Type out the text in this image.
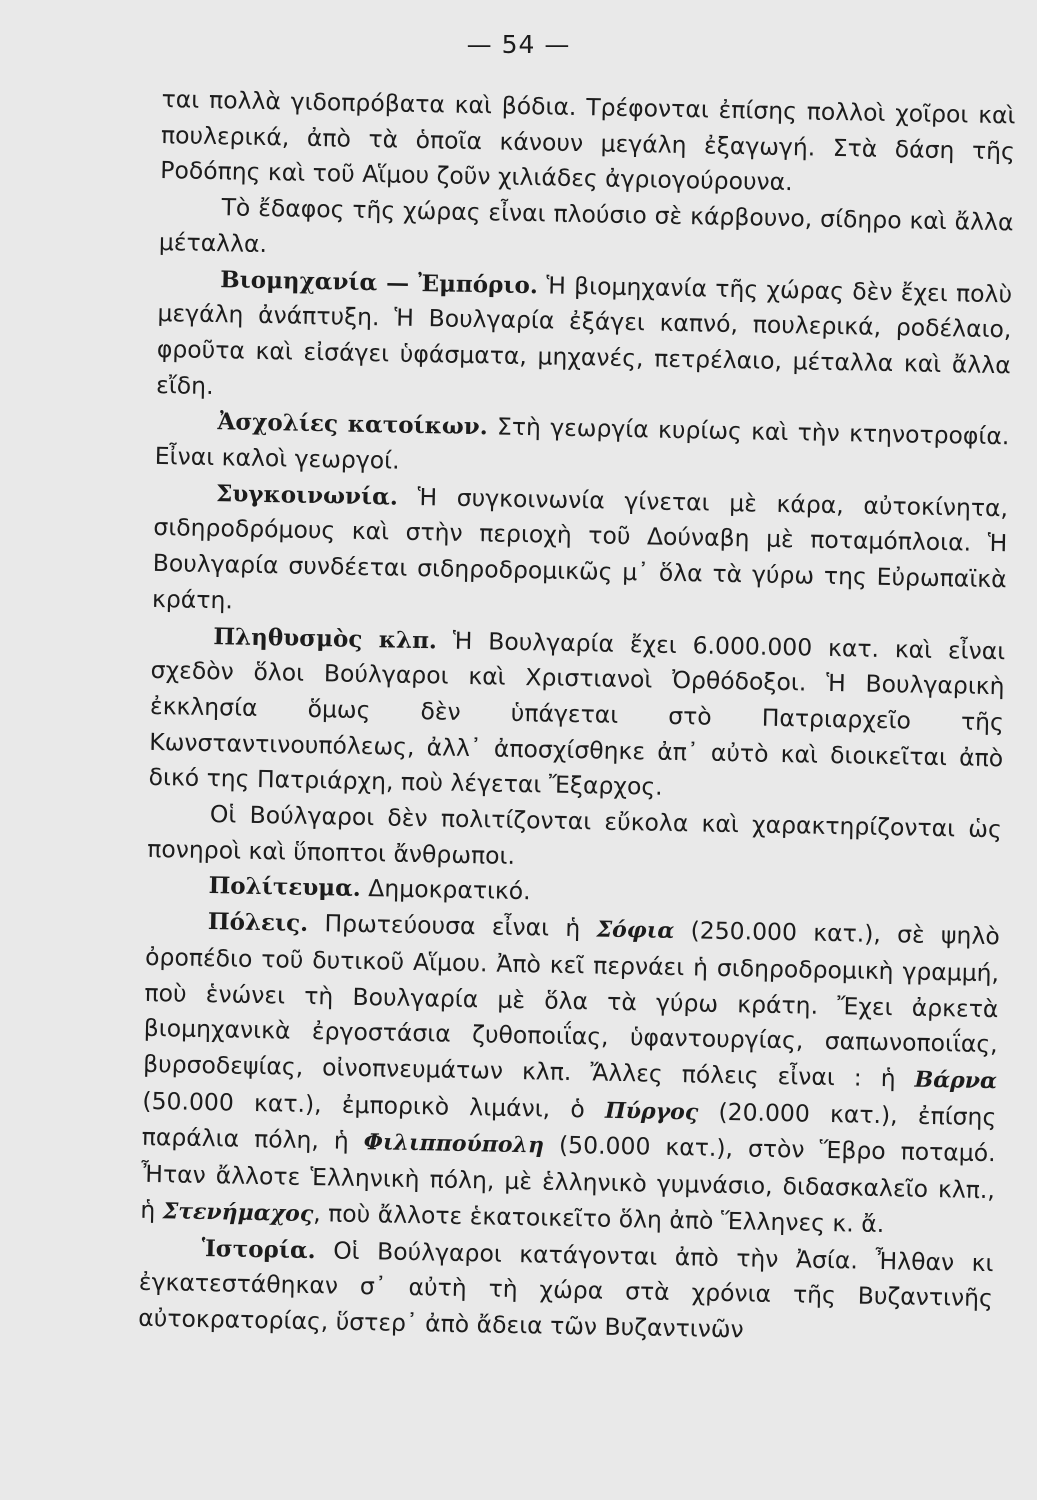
— 54 —

ται πολλὰ γιδοπρόβατα καὶ βόδια. Τρέφονται ἐπίσης πολλοὶ χοῖροι καὶ πουλερικά, ἀπὸ τὰ ὁποῖα κάνουν μεγάλη ἐξαγωγή. Στὰ δάση τῆς Ροδόπης καὶ τοῦ Αἵμου ζοῦν χιλιάδες ἀγριογούρουνα.

Τὸ ἔδαφος τῆς χώρας εἶναι πλούσιο σὲ κάρβουνο, σίδηρο καὶ ἄλλα μέταλλα.

Βιομηχανία — Ἐμπόριο. Ἡ βιομηχανία τῆς χώρας δὲν ἔχει πολὺ μεγάλη ἀνάπτυξη. Ἡ Βουλγαρία ἐξάγει καπνό, πουλερικά, ροδέλαιο, φροῦτα καὶ εἰσάγει ὑφάσματα, μηχανές, πετρέλαιο, μέταλλα καὶ ἄλλα εἴδη.

Ἀσχολίες κατοίκων. Στὴ γεωργία κυρίως καὶ τὴν κτηνοτροφία. Εἶναι καλοὶ γεωργοί.

Συγκοινωνία. Ἡ συγκοινωνία γίνεται μὲ κάρα, αὐτοκίνητα, σιδηροδρόμους καὶ στὴν περιοχὴ τοῦ Δούναβη μὲ ποταμόπλοια. Ἡ Βουλγαρία συνδέεται σιδηροδρομικῶς μ᾽ ὅλα τὰ γύρω της Εὐρωπαϊκὰ κράτη.

Πληθυσμὸς κλπ. Ἡ Βουλγαρία ἔχει 6.000.000 κατ. καὶ εἶναι σχεδὸν ὅλοι Βούλγαροι καὶ Χριστιανοὶ Ὀρθόδοξοι. Ἡ Βουλγαρικὴ ἐκκλησία ὅμως δὲν ὑπάγεται στὸ Πατριαρχεῖο τῆς Κωνσταντινουπόλεως, ἀλλ᾽ ἀποσχίσθηκε ἀπ᾽ αὐτὸ καὶ διοικεῖται ἀπὸ δικό της Πατριάρχη, ποὺ λέγεται Ἔξαρχος.

Οἱ Βούλγαροι δὲν πολιτίζονται εὔκολα καὶ χαρακτηρίζονται ὡς πονηροὶ καὶ ὕποπτοι ἄνθρωποι.

Πολίτευμα. Δημοκρατικό.

Πόλεις. Πρωτεύουσα εἶναι ἡ Σόφια (250.000 κατ.), σὲ ψηλὸ ὀροπέδιο τοῦ δυτικοῦ Αἵμου. Ἀπὸ κεῖ περνάει ἡ σιδηροδρομικὴ γραμμή, ποὺ ἑνώνει τὴ Βουλγαρία μὲ ὅλα τὰ γύρω κράτη. Ἔχει ἀρκετὰ βιομηχανικὰ ἐργοστάσια ζυθοποιΐας, ὑφαντουργίας, σαπωνοποιΐας, βυρσοδεψίας, οἰνοπνευμάτων κλπ. Ἄλλες πόλεις εἶναι : ἡ Βάρνα (50.000 κατ.), ἐμπορικὸ λιμάνι, ὁ Πύργος (20.000 κατ.), ἐπίσης παράλια πόλη, ἡ Φιλιππούπολη (50.000 κατ.), στὸν Ἕβρο ποταμό. Ἦταν ἄλλοτε Ἑλληνικὴ πόλη, μὲ ἑλληνικὸ γυμνάσιο, διδασκαλεῖο κλπ., ἡ Στενήμαχος, ποὺ ἄλλοτε ἑκατοικεῖτο ὅλη ἀπὸ Ἕλληνες κ. ἄ.

Ἱστορία. Οἱ Βούλγαροι κατάγονται ἀπὸ τὴν Ἀσία. Ἦλθαν κι ἐγκατεστάθηκαν σ᾽ αὐτὴ τὴ χώρα στὰ χρόνια τῆς Βυζαντινῆς αὐτοκρατορίας, ὕστερ᾽ ἀπὸ ἄδεια τῶν Βυζαντινῶν
